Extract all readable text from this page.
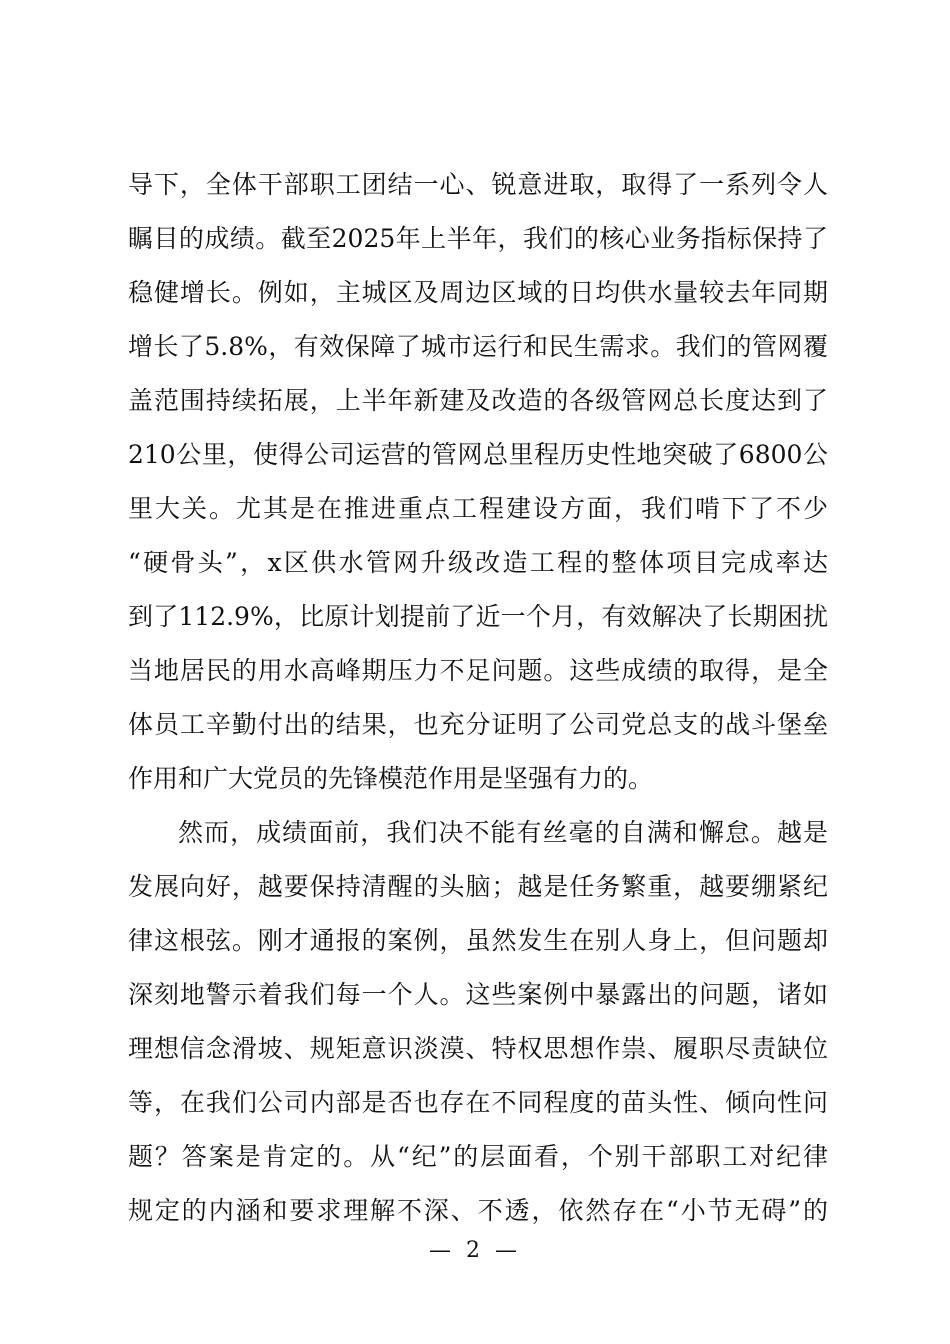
导下，全体干部职工团结一心、锐意进取，取得了一系列令人
瞩目的成绩。截至2025年上半年，我们的核心业务指标保持了
稳健增长。例如，主城区及周边区域的日均供水量较去年同期
增长了5.8%，有效保障了城市运行和民生需求。我们的管网覆
盖范围持续拓展，上半年新建及改造的各级管网总长度达到了
210公里，使得公司运营的管网总里程历史性地突破了6800公
里大关。尤其是在推进重点工程建设方面，我们啃下了不少
“硬骨头”，x区供水管网升级改造工程的整体项目完成率达
到了112.9%，比原计划提前了近一个月，有效解决了长期困扰
当地居民的用水高峰期压力不足问题。这些成绩的取得，是全
体员工辛勤付出的结果，也充分证明了公司党总支的战斗堡垒
作用和广大党员的先锋模范作用是坚强有力的。
然而，成绩面前，我们决不能有丝毫的自满和懈怠。越是
发展向好，越要保持清醒的头脑；越是任务繁重，越要绷紧纪
律这根弦。刚才通报的案例，虽然发生在别人身上，但问题却
深刻地警示着我们每一个人。这些案例中暴露出的问题，诸如
理想信念滑坡、规矩意识淡漠、特权思想作祟、履职尽责缺位
等，在我们公司内部是否也存在不同程度的苗头性、倾向性问
题？答案是肯定的。从“纪”的层面看，个别干部职工对纪律
规定的内涵和要求理解不深、不透，依然存在“小节无碍”的
— 2 —
